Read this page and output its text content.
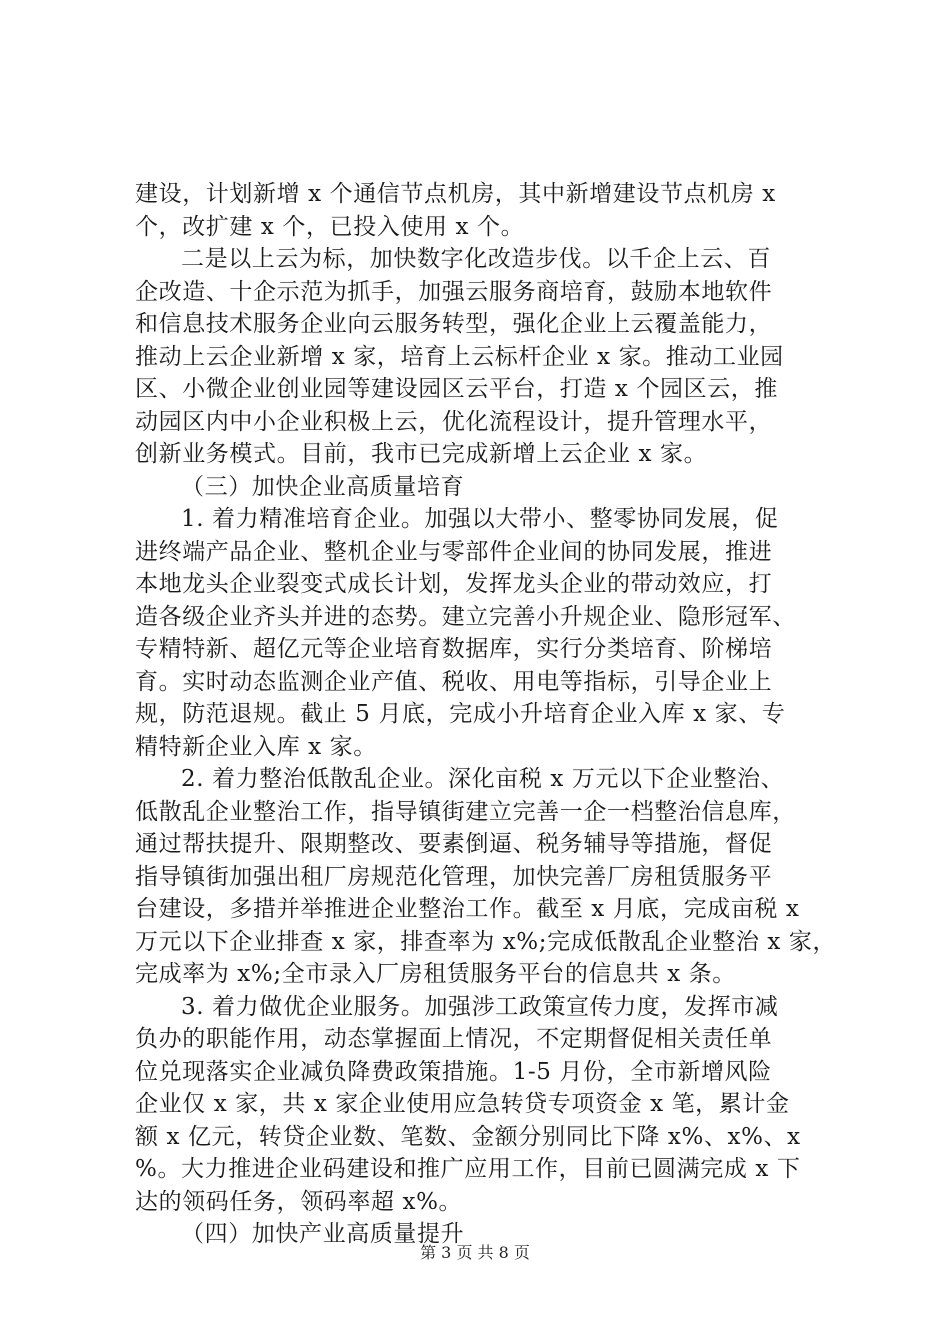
建设，计划新增 x 个通信节点机房，其中新增建设节点机房 x
个，改扩建 x 个，已投入使用 x 个。
二是以上云为标，加快数字化改造步伐。以千企上云、百
企改造、十企示范为抓手，加强云服务商培育，鼓励本地软件
和信息技术服务企业向云服务转型，强化企业上云覆盖能力，
推动上云企业新增 x 家，培育上云标杆企业 x 家。推动工业园
区、小微企业创业园等建设园区云平台，打造 x 个园区云，推
动园区内中小企业积极上云，优化流程设计，提升管理水平，
创新业务模式。目前，我市已完成新增上云企业 x 家。
（三）加快企业高质量培育
1. 着力精准培育企业。加强以大带小、整零协同发展，促
进终端产品企业、整机企业与零部件企业间的协同发展，推进
本地龙头企业裂变式成长计划，发挥龙头企业的带动效应，打
造各级企业齐头并进的态势。建立完善小升规企业、隐形冠军、
专精特新、超亿元等企业培育数据库，实行分类培育、阶梯培
育。实时动态监测企业产值、税收、用电等指标，引导企业上
规，防范退规。截止 5 月底，完成小升培育企业入库 x 家、专
精特新企业入库 x 家。
2. 着力整治低散乱企业。深化亩税 x 万元以下企业整治、
低散乱企业整治工作，指导镇街建立完善一企一档整治信息库，
通过帮扶提升、限期整改、要素倒逼、税务辅导等措施，督促
指导镇街加强出租厂房规范化管理，加快完善厂房租赁服务平
台建设，多措并举推进企业整治工作。截至 x 月底，完成亩税 x
万元以下企业排查 x 家，排查率为 x%;完成低散乱企业整治 x 家，
完成率为 x%;全市录入厂房租赁服务平台的信息共 x 条。
3. 着力做优企业服务。加强涉工政策宣传力度，发挥市减
负办的职能作用，动态掌握面上情况，不定期督促相关责任单
位兑现落实企业减负降费政策措施。1-5 月份，全市新增风险
企业仅 x 家，共 x 家企业使用应急转贷专项资金 x 笔，累计金
额 x 亿元，转贷企业数、笔数、金额分别同比下降 x%、x%、x
%。大力推进企业码建设和推广应用工作，目前已圆满完成 x 下
达的领码任务，领码率超 x%。
（四）加快产业高质量提升
第 3 页 共 8 页
